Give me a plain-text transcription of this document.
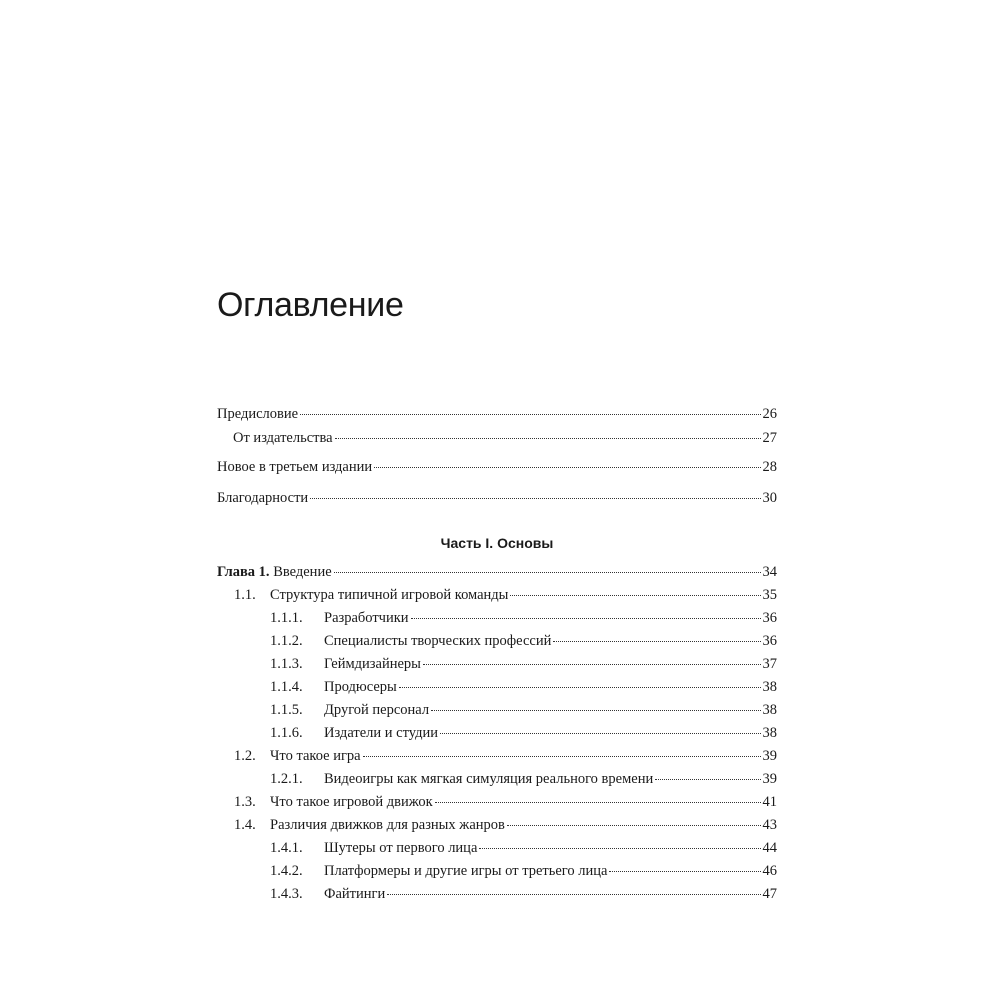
Оглавление
Предисловие	26
От издательства	27
Новое в третьем издании	28
Благодарности	30
Часть I. Основы
Глава 1. Введение	34
1.1. Структура типичной игровой команды	35
1.1.1.	Разработчики	36
1.1.2.	Специалисты творческих профессий	36
1.1.3.	Геймдизайнеры	37
1.1.4.	Продюсеры	38
1.1.5.	Другой персонал	38
1.1.6.	Издатели и студии	38
1.2. Что такое игра	39
1.2.1.	Видеоигры как мягкая симуляция реального времени	39
1.3. Что такое игровой движок	41
1.4. Различия движков для разных жанров	43
1.4.1.	Шутеры от первого лица	44
1.4.2.	Платформеры и другие игры от третьего лица	46
1.4.3.	Файтинги	47
